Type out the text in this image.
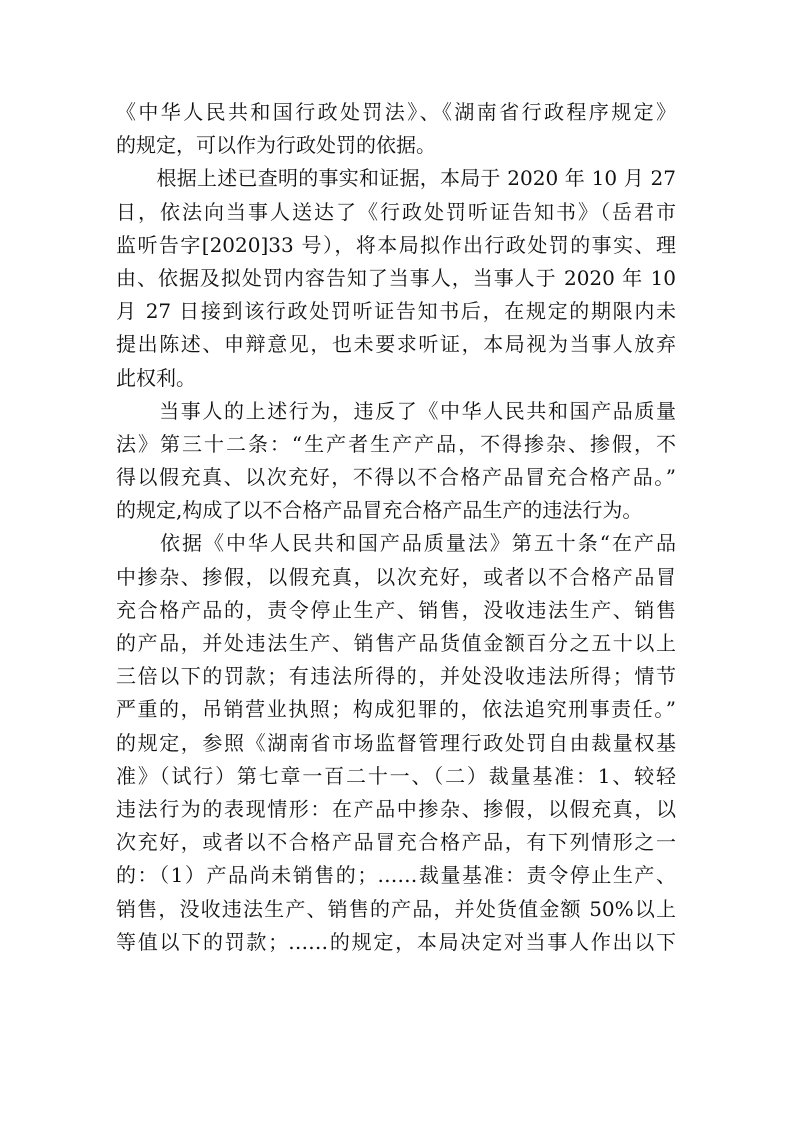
《中华人民共和国行政处罚法》、《湖南省行政程序规定》
的规定，可以作为行政处罚的依据。
　　根据上述已查明的事实和证据，本局于 2020 年 10 月 27
日，依法向当事人送达了《行政处罚听证告知书》（岳君市
监听告字[2020]33 号），将本局拟作出行政处罚的事实、理
由、依据及拟处罚内容告知了当事人，当事人于 2020 年 10
月 27 日接到该行政处罚听证告知书后，在规定的期限内未
提出陈述、申辩意见，也未要求听证，本局视为当事人放弃
此权利。
　　当事人的上述行为，违反了《中华人民共和国产品质量
法》第三十二条：“生产者生产产品，不得掺杂、掺假，不
得以假充真、以次充好，不得以不合格产品冒充合格产品。”
的规定,构成了以不合格产品冒充合格产品生产的违法行为。
　　依据《中华人民共和国产品质量法》第五十条“在产品
中掺杂、掺假，以假充真，以次充好，或者以不合格产品冒
充合格产品的，责令停止生产、销售，没收违法生产、销售
的产品，并处违法生产、销售产品货值金额百分之五十以上
三倍以下的罚款；有违法所得的，并处没收违法所得；情节
严重的，吊销营业执照；构成犯罪的，依法追究刑事责任。”
的规定，参照《湖南省市场监督管理行政处罚自由裁量权基
准》（试行）第七章一百二十一、（二）裁量基准：1、较轻
违法行为的表现情形：在产品中掺杂、掺假，以假充真，以
次充好，或者以不合格产品冒充合格产品，有下列情形之一
的：（1）产品尚未销售的；……裁量基准：责令停止生产、
销售，没收违法生产、销售的产品，并处货值金额 50%以上
等值以下的罚款；……的规定，本局决定对当事人作出以下
